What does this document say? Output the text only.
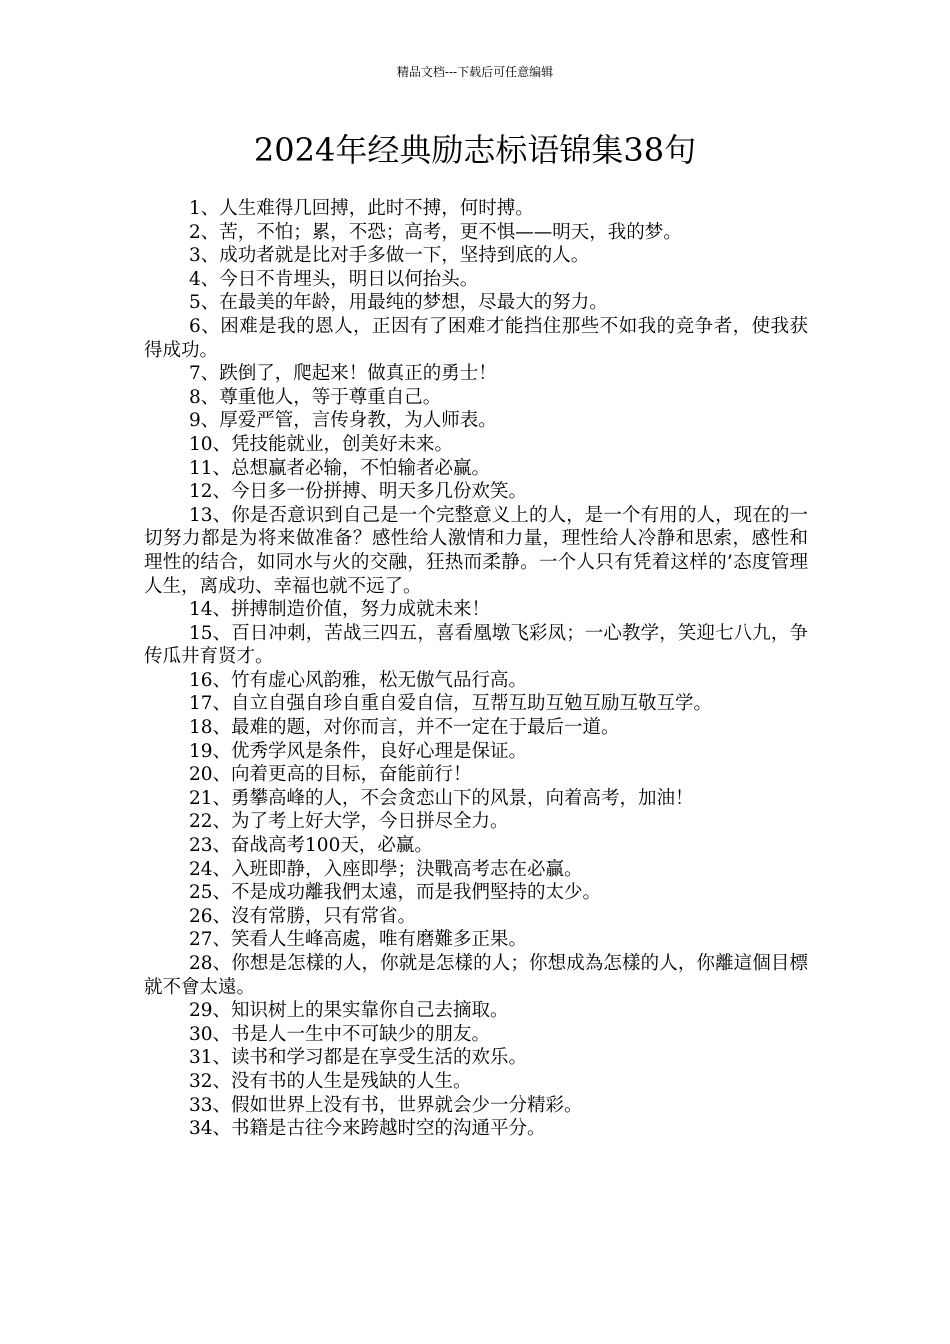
精品文档---下载后可任意编辑
2024年经典励志标语锦集38句

1、人生难得几回搏，此时不搏，何时搏。

2、苦，不怕；累，不恐；高考，更不惧——明天，我的梦。

3、成功者就是比对手多做一下，坚持到底的人。

4、今日不肯埋头，明日以何抬头。

5、在最美的年龄，用最纯的梦想，尽最大的努力。

6、困难是我的恩人，正因有了困难才能挡住那些不如我的竞争者，使我获得成功。

7、跌倒了，爬起来！做真正的勇士！

8、尊重他人，等于尊重自己。

9、厚爱严管，言传身教，为人师表。

10、凭技能就业，创美好未来。

11、总想赢者必输，不怕输者必赢。

12、今日多一份拼搏、明天多几份欢笑。

13、你是否意识到自己是一个完整意义上的人，是一个有用的人，现在的一切努力都是为将来做准备？感性给人激情和力量，理性给人冷静和思索，感性和理性的结合，如同水与火的交融，狂热而柔静。一个人只有凭着这样的’态度管理人生，离成功、幸福也就不远了。

14、拼搏制造价值，努力成就未来！

15、百日冲刺，苦战三四五，喜看凰墩飞彩凤；一心教学，笑迎七八九，争传瓜井育贤才。

16、竹有虚心风韵雅，松无傲气品行高。

17、自立自强自珍自重自爱自信，互帮互助互勉互励互敬互学。

18、最难的题，对你而言，并不一定在于最后一道。

19、优秀学风是条件，良好心理是保证。

20、向着更高的目标，奋能前行！

21、勇攀高峰的人，不会贪恋山下的风景，向着高考，加油！

22、为了考上好大学，今日拼尽全力。

23、奋战高考100天，必赢。

24、入班即静，入座即學；決戰高考志在必贏。

25、不是成功離我們太遠，而是我們堅持的太少。

26、沒有常勝，只有常省。

27、笑看人生峰高處，唯有磨難多正果。

28、你想是怎樣的人，你就是怎樣的人；你想成為怎樣的人，你離這個目標就不會太遠。

29、知识树上的果实靠你自己去摘取。

30、书是人一生中不可缺少的朋友。

31、读书和学习都是在享受生活的欢乐。

32、没有书的人生是残缺的人生。

33、假如世界上没有书，世界就会少一分精彩。

34、书籍是古往今来跨越时空的沟通平分。
